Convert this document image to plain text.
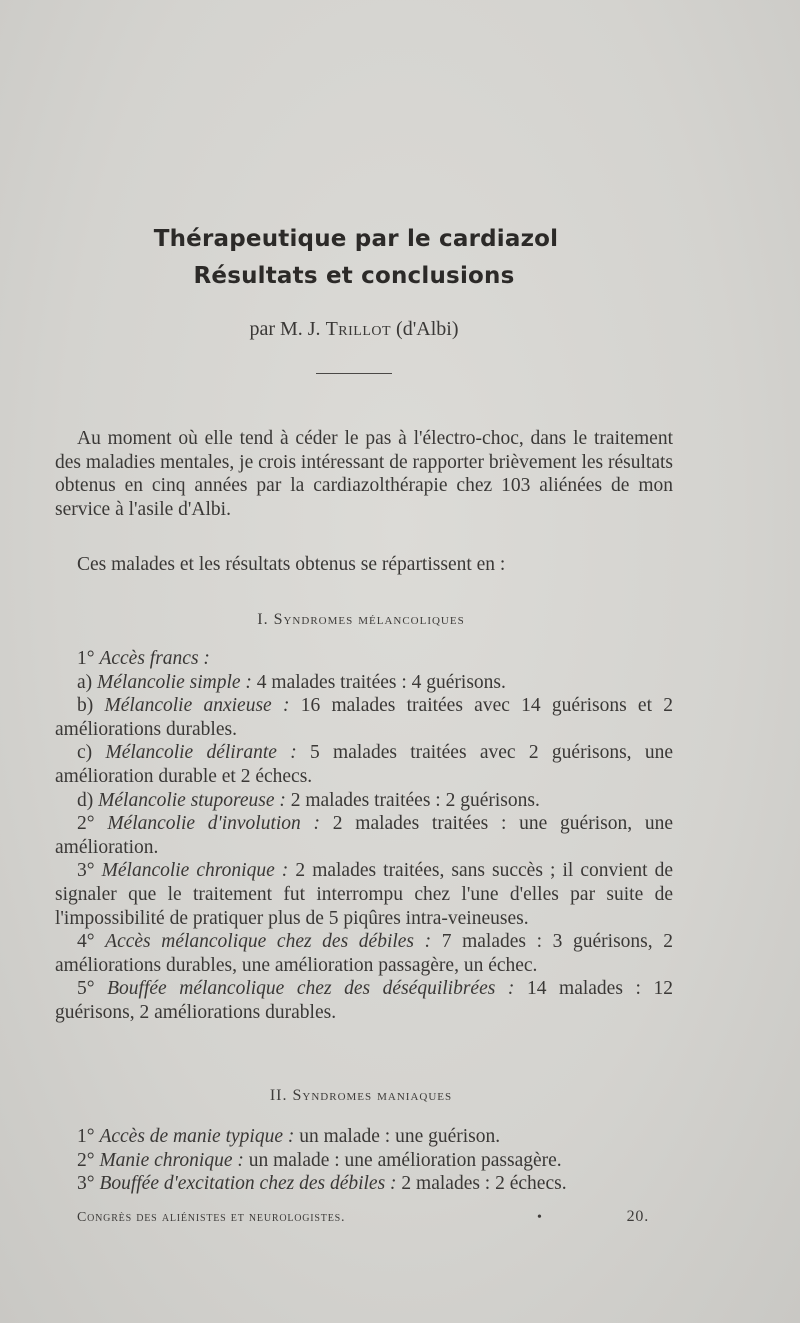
Thérapeutique par le cardiazol
Résultats et conclusions
par M. J. Trillot (d'Albi)

Au moment où elle tend à céder le pas à l'électro-choc, dans le traitement des maladies mentales, je crois intéressant de rapporter brièvement les résultats obtenus en cinq années par la cardiazolthérapie chez 103 aliénées de mon service à l'asile d'Albi.

Ces malades et les résultats obtenus se répartissent en :

I. Syndromes mélancoliques

1° Accès francs :

a) Mélancolie simple : 4 malades traitées : 4 guérisons.

b) Mélancolie anxieuse : 16 malades traitées avec 14 guérisons et 2 améliorations durables.

c) Mélancolie délirante : 5 malades traitées avec 2 guérisons, une amélioration durable et 2 échecs.

d) Mélancolie stuporeuse : 2 malades traitées : 2 guérisons.

2° Mélancolie d'involution : 2 malades traitées : une guérison, une amélioration.

3° Mélancolie chronique : 2 malades traitées, sans succès ; il convient de signaler que le traitement fut interrompu chez l'une d'elles par suite de l'impossibilité de pratiquer plus de 5 piqûres intra-veineuses.

4° Accès mélancolique chez des débiles : 7 malades : 3 guérisons, 2 améliorations durables, une amélioration passagère, un échec.

5° Bouffée mélancolique chez des déséquilibrées : 14 malades : 12 guérisons, 2 améliorations durables.

II. Syndromes maniaques

1° Accès de manie typique : un malade : une guérison.

2° Manie chronique : un malade : une amélioration passagère.

3° Bouffée d'excitation chez des débiles : 2 malades : 2 échecs.

Congrès des aliénistes et neurologistes.	•	20.
